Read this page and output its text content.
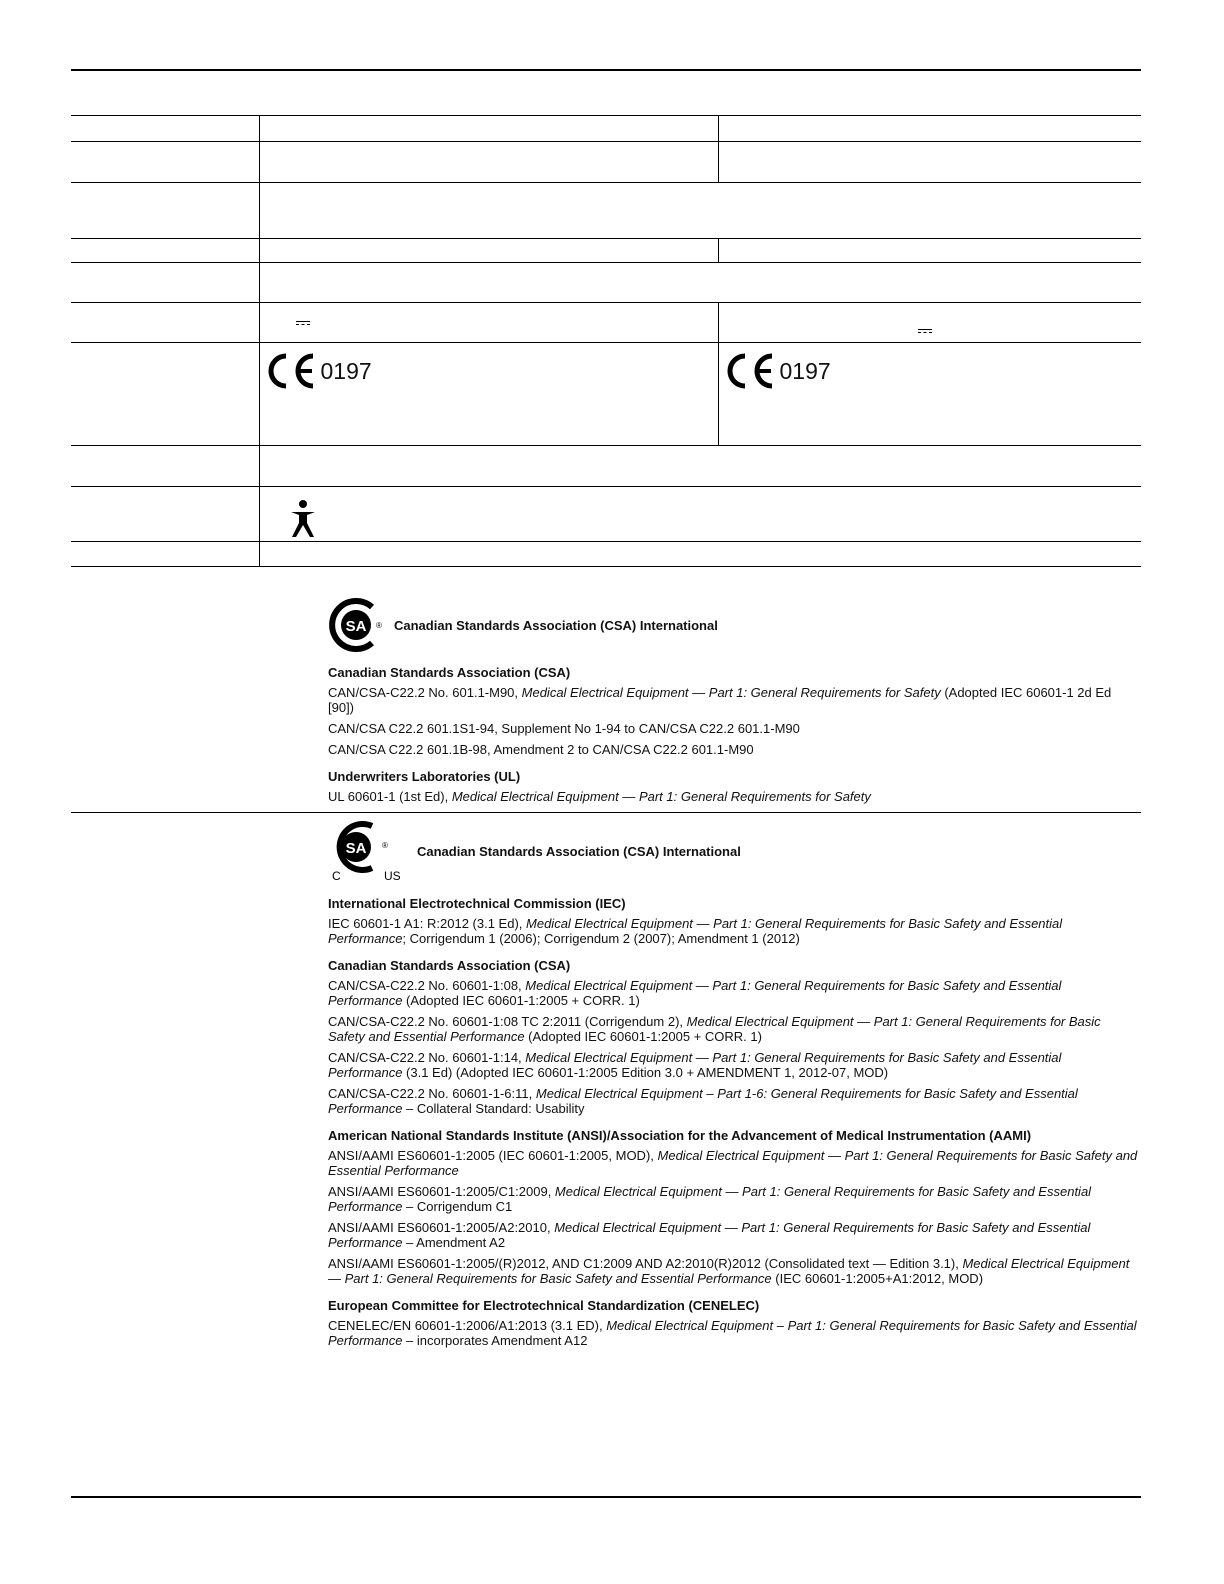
	0197	0197

SA ® Canadian Standards Association (CSA) International
Canadian Standards Association (CSA)
CAN/CSA-C22.2 No. 601.1-M90, Medical Electrical Equipment — Part 1: General Requirements for Safety (Adopted IEC 60601-1 2d Ed [90])
CAN/CSA C22.2 601.1S1-94, Supplement No 1-94 to CAN/CSA C22.2 601.1-M90
CAN/CSA C22.2 601.1B-98, Amendment 2 to CAN/CSA C22.2 601.1-M90
Underwriters Laboratories (UL)
UL 60601-1 (1st Ed), Medical Electrical Equipment — Part 1: General Requirements for Safety
SA ®
C	US
Canadian Standards Association (CSA) International
International Electrotechnical Commission (IEC)
IEC 60601-1 A1: R:2012 (3.1 Ed), Medical Electrical Equipment — Part 1: General Requirements for Basic Safety and Essential Performance; Corrigendum 1 (2006); Corrigendum 2 (2007); Amendment 1 (2012)
Canadian Standards Association (CSA)
CAN/CSA-C22.2 No. 60601-1:08, Medical Electrical Equipment — Part 1: General Requirements for Basic Safety and Essential Performance (Adopted IEC 60601-1:2005 + CORR. 1)
CAN/CSA-C22.2 No. 60601-1:08 TC 2:2011 (Corrigendum 2), Medical Electrical Equipment — Part 1: General Requirements for Basic Safety and Essential Performance (Adopted IEC 60601-1:2005 + CORR. 1)
CAN/CSA-C22.2 No. 60601-1:14, Medical Electrical Equipment — Part 1: General Requirements for Basic Safety and Essential Performance (3.1 Ed) (Adopted IEC 60601-1:2005 Edition 3.0 + AMENDMENT 1, 2012-07, MOD)
CAN/CSA-C22.2 No. 60601-1-6:11, Medical Electrical Equipment – Part 1-6: General Requirements for Basic Safety and Essential Performance – Collateral Standard: Usability
American National Standards Institute (ANSI)/Association for the Advancement of Medical Instrumentation (AAMI)
ANSI/AAMI ES60601-1:2005 (IEC 60601-1:2005, MOD), Medical Electrical Equipment — Part 1: General Requirements for Basic Safety and Essential Performance
ANSI/AAMI ES60601-1:2005/C1:2009, Medical Electrical Equipment — Part 1: General Requirements for Basic Safety and Essential Performance – Corrigendum C1
ANSI/AAMI ES60601-1:2005/A2:2010, Medical Electrical Equipment — Part 1: General Requirements for Basic Safety and Essential Performance – Amendment A2
ANSI/AAMI ES60601-1:2005/(R)2012, AND C1:2009 AND A2:2010(R)2012 (Consolidated text — Edition 3.1), Medical Electrical Equipment — Part 1: General Requirements for Basic Safety and Essential Performance (IEC 60601-1:2005+A1:2012, MOD)
European Committee for Electrotechnical Standardization (CENELEC)
CENELEC/EN 60601-1:2006/A1:2013 (3.1 ED), Medical Electrical Equipment – Part 1: General Requirements for Basic Safety and Essential Performance – incorporates Amendment A12
